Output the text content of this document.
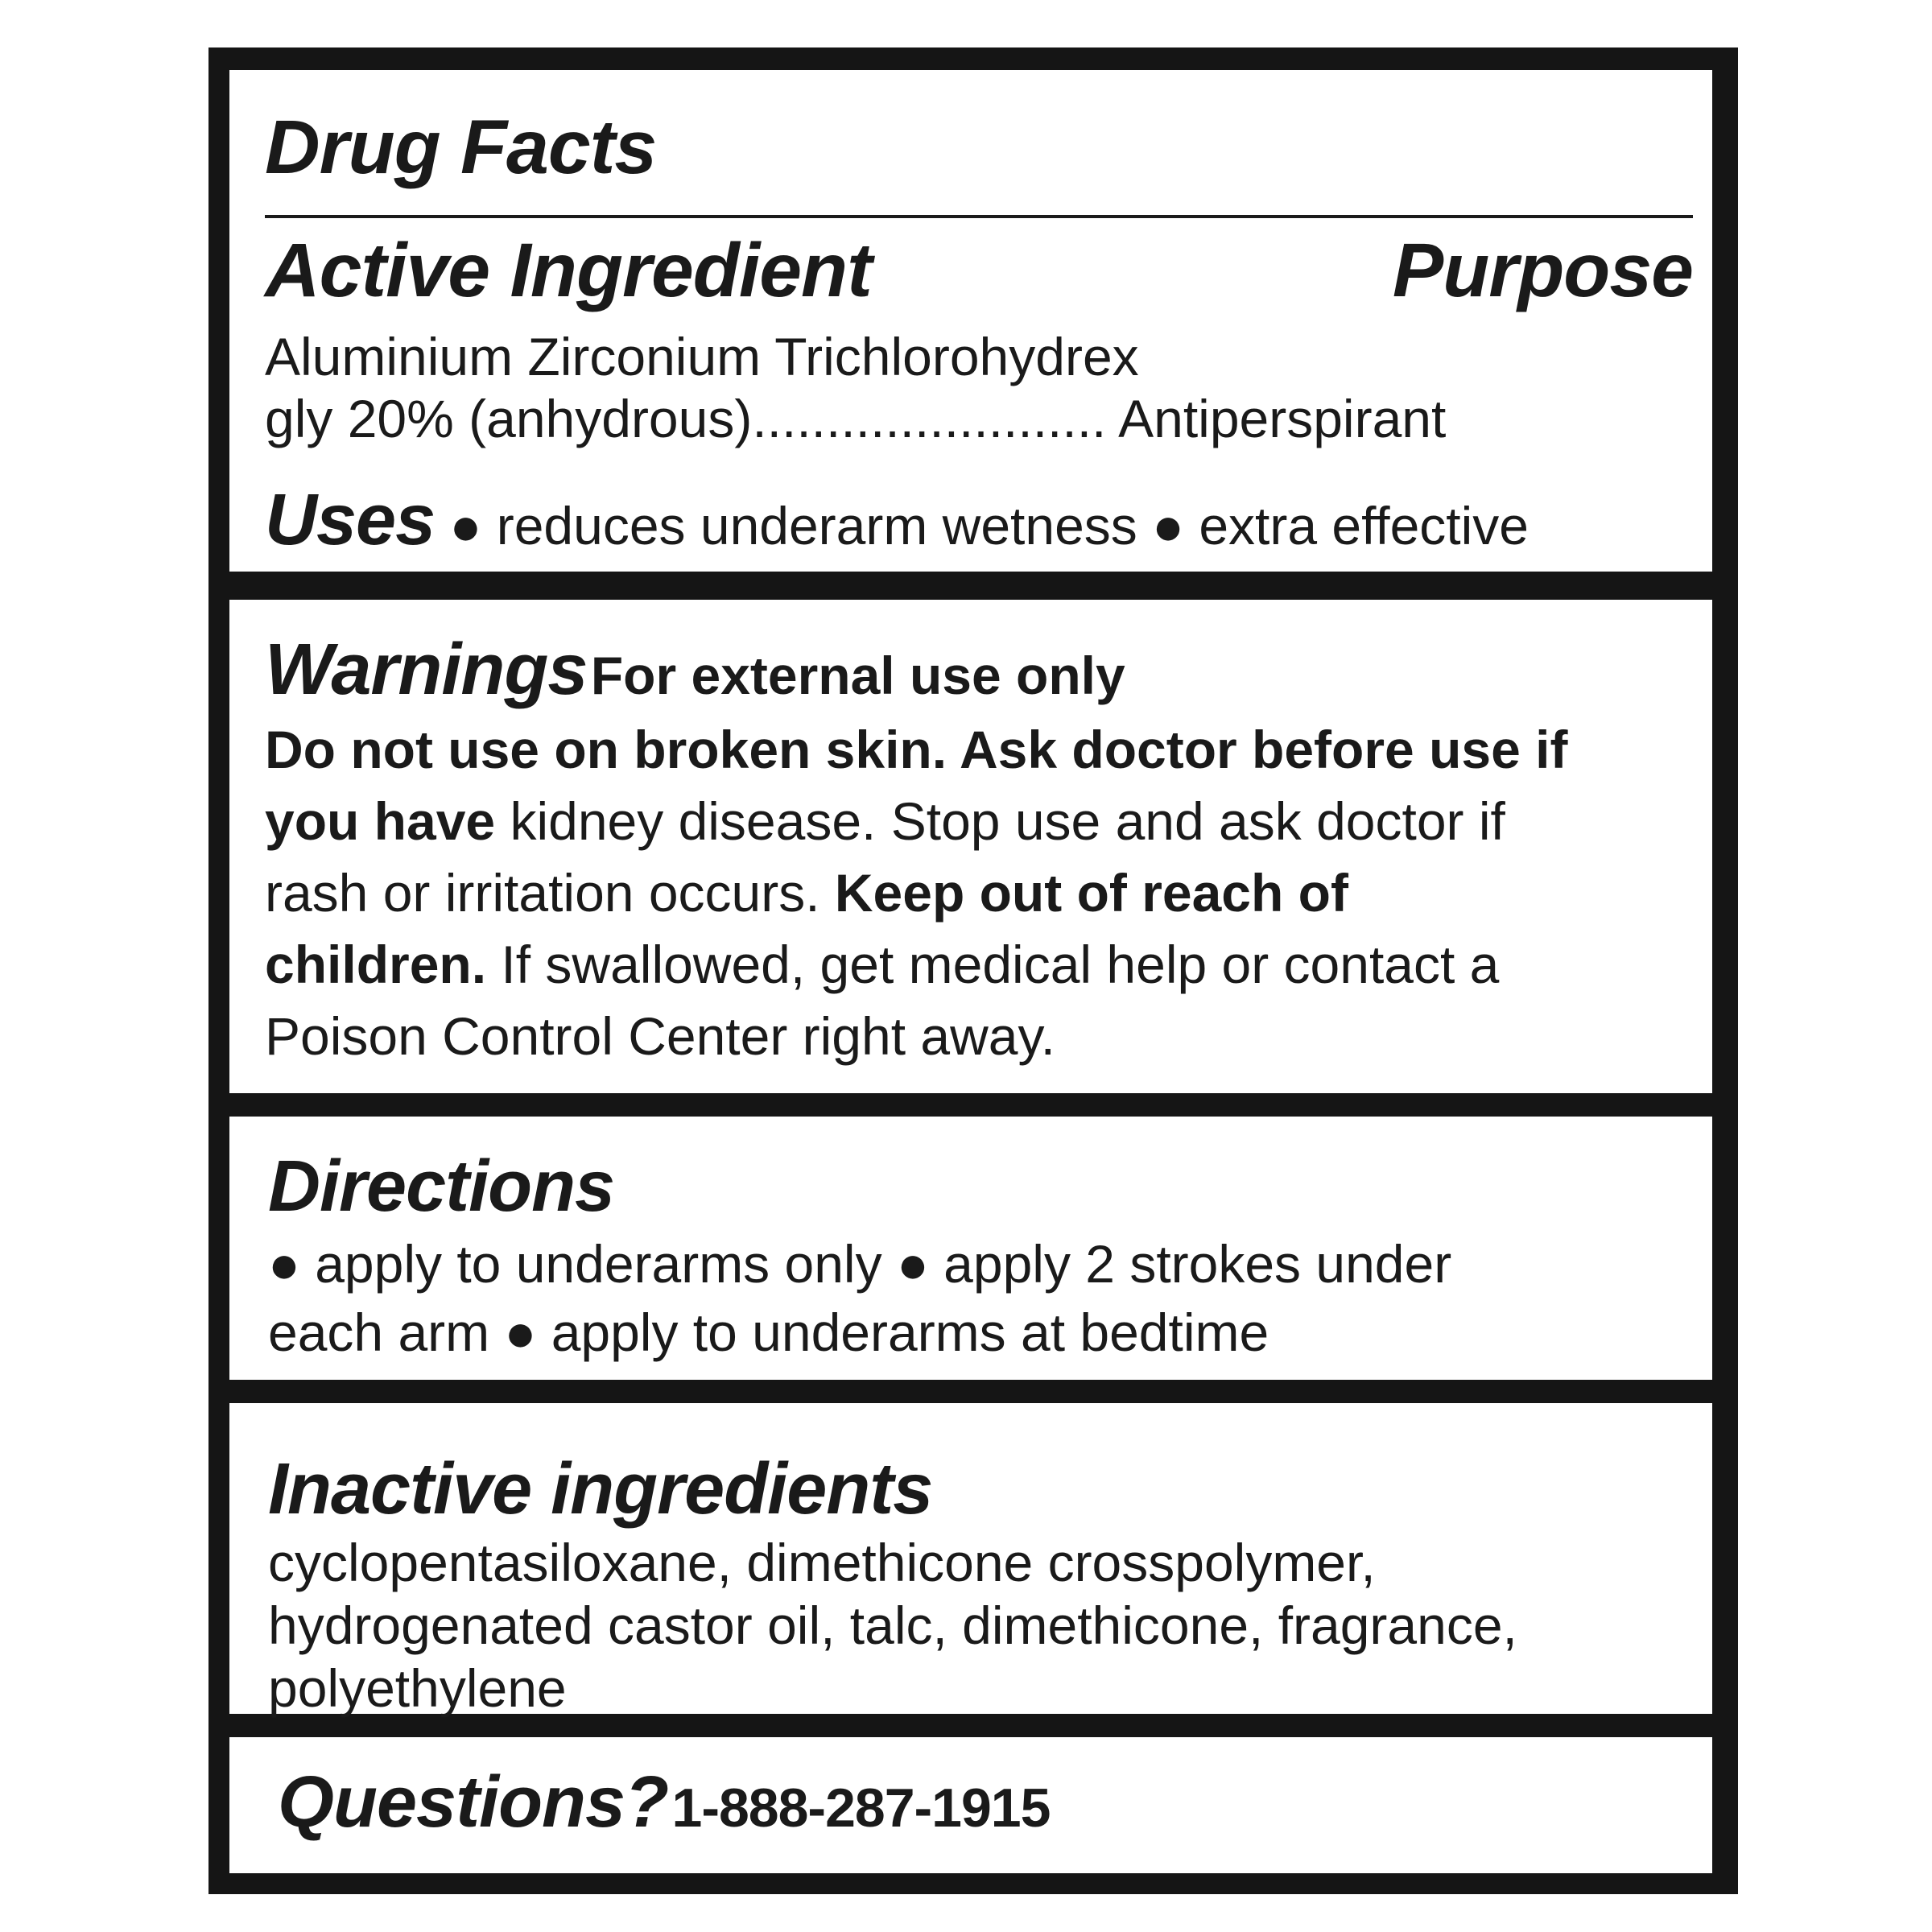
Drug Facts
Active Ingredient	Purpose
Aluminium Zirconium Trichlorohydrex
gly 20% (anhydrous)........................ Antiperspirant
Uses ● reduces underarm wetness ● extra effective
Warnings For external use only
Do not use on broken skin. Ask doctor before use if
you have kidney disease. Stop use and ask doctor if
rash or irritation occurs. Keep out of reach of
children. If swallowed, get medical help or contact a
Poison Control Center right away.
Directions
● apply to underarms only ● apply 2 strokes under
each arm ● apply to underarms at bedtime
Inactive ingredients
cyclopentasiloxane, dimethicone crosspolymer,
hydrogenated castor oil, talc, dimethicone, fragrance,
polyethylene
Questions? 1-888-287-1915
